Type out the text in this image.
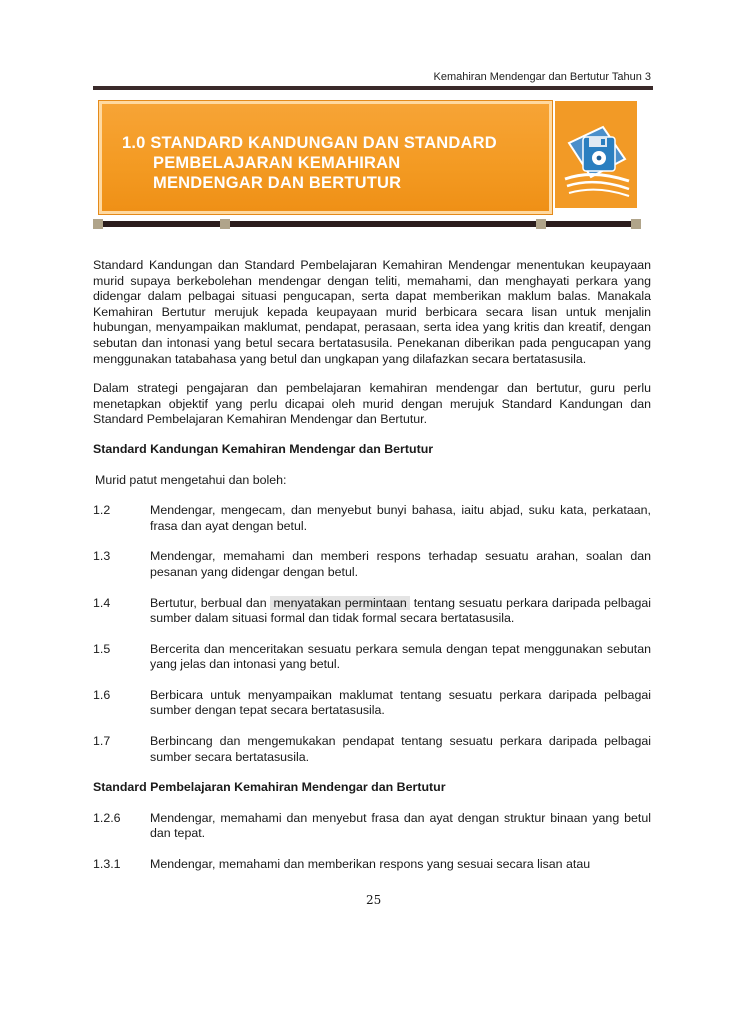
Kemahiran Mendengar dan Bertutur Tahun 3
1.0 STANDARD KANDUNGAN DAN STANDARD
PEMBELAJARAN KEMAHIRAN
MENDENGAR DAN BERTUTUR

Standard Kandungan dan Standard Pembelajaran Kemahiran Mendengar menentukan keupayaan murid supaya berkebolehan mendengar dengan teliti, memahami, dan menghayati perkara yang didengar dalam pelbagai situasi pengucapan, serta dapat memberikan maklum balas. Manakala Kemahiran Bertutur merujuk kepada keupayaan murid berbicara secara lisan untuk menjalin hubungan, menyampaikan maklumat, pendapat, perasaan, serta idea yang kritis dan kreatif, dengan sebutan dan intonasi yang betul secara bertatasusila. Penekanan diberikan pada pengucapan yang menggunakan tatabahasa yang betul dan ungkapan yang dilafazkan secara bertatasusila.

Dalam strategi pengajaran dan pembelajaran kemahiran mendengar dan bertutur, guru perlu menetapkan objektif yang perlu dicapai oleh murid dengan merujuk Standard Kandungan dan Standard Pembelajaran Kemahiran Mendengar dan Bertutur.

Standard Kandungan Kemahiran Mendengar dan Bertutur
Murid patut mengetahui dan boleh:
1.2	Mendengar, mengecam, dan menyebut bunyi bahasa, iaitu abjad, suku kata, perkataan, frasa dan ayat dengan betul.
1.3	Mendengar, memahami dan memberi respons terhadap sesuatu arahan, soalan dan pesanan yang didengar dengan betul.
1.4	Bertutur, berbual dan menyatakan permintaan tentang sesuatu perkara daripada pelbagai sumber dalam situasi formal dan tidak formal secara bertatasusila.
1.5	Bercerita dan menceritakan sesuatu perkara semula dengan tepat menggunakan sebutan yang jelas dan intonasi yang betul.
1.6	Berbicara untuk menyampaikan maklumat tentang sesuatu perkara daripada pelbagai sumber dengan tepat secara bertatasusila.
1.7	Berbincang dan mengemukakan pendapat tentang sesuatu perkara daripada pelbagai sumber secara bertatasusila.
Standard Pembelajaran Kemahiran Mendengar dan Bertutur
1.2.6	Mendengar, memahami dan menyebut frasa dan ayat dengan struktur binaan yang betul dan tepat.
1.3.1	Mendengar, memahami dan memberikan respons yang sesuai secara lisan atau
25
